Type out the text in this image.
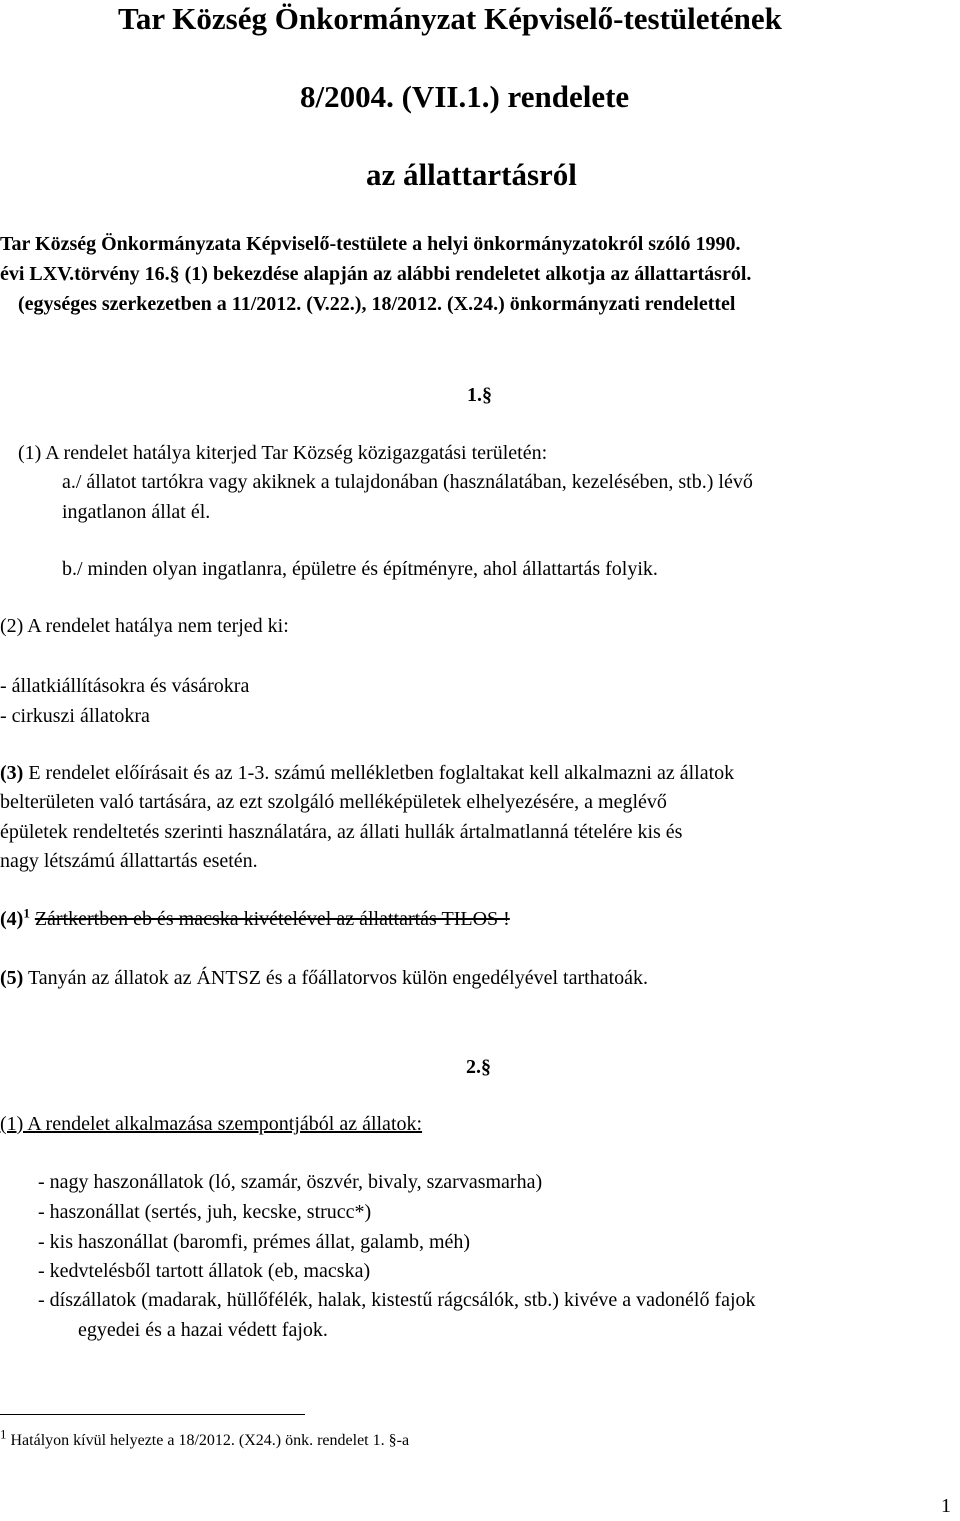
Tar Község Önkormányzat Képviselő-testületének
8/2004. (VII.1.) rendelete
az állattartásról
Tar Község Önkormányzata Képviselő-testülete a helyi önkormányzatokról szóló 1990.
évi LXV.törvény 16.§ (1) bekezdése alapján az alábbi rendeletet alkotja az állattartásról.
(egységes szerkezetben a 11/2012. (V.22.), 18/2012. (X.24.) önkormányzati rendelettel
1.§
(1) A rendelet hatálya kiterjed Tar Község közigazgatási területén:
a./ állatot tartókra vagy akiknek a tulajdonában (használatában, kezelésében, stb.) lévő
ingatlanon állat él.
b./ minden olyan ingatlanra, épületre és építményre, ahol állattartás folyik.
(2) A rendelet hatálya nem terjed ki:
- állatkiállításokra és vásárokra
- cirkuszi állatokra
(3) E rendelet előírásait és az 1-3. számú mellékletben foglaltakat kell alkalmazni az állatok
belterületen való tartására, az ezt szolgáló melléképületek elhelyezésére, a meglévő
épületek rendeltetés szerinti használatára, az állati hullák ártalmatlanná tételére kis és
nagy létszámú állattartás esetén.
$(4)^1$ Zártkertben eb és macska kivételével az állattartás TILOS !
(5) Tanyán az állatok az ÁNTSZ és a főállatorvos külön engedélyével tarthatoák.
2.§
(1) A rendelet alkalmazása szempontjából az állatok:
- nagy haszonállatok (ló, szamár, öszvér, bivaly, szarvasmarha)
- haszonállat (sertés, juh, kecske, strucc*)
- kis haszonállat (baromfi, prémes állat, galamb, méh)
- kedvtelésből tartott állatok (eb, macska)
- díszállatok (madarak, hüllőfélék, halak, kistestű rágcsálók, stb.) kivéve a vadonélő fajok
egyedei és a hazai védett fajok.
$^1$ Hatályon kívül helyezte a 18/2012. (X24.) önk. rendelet 1. §-a
1
